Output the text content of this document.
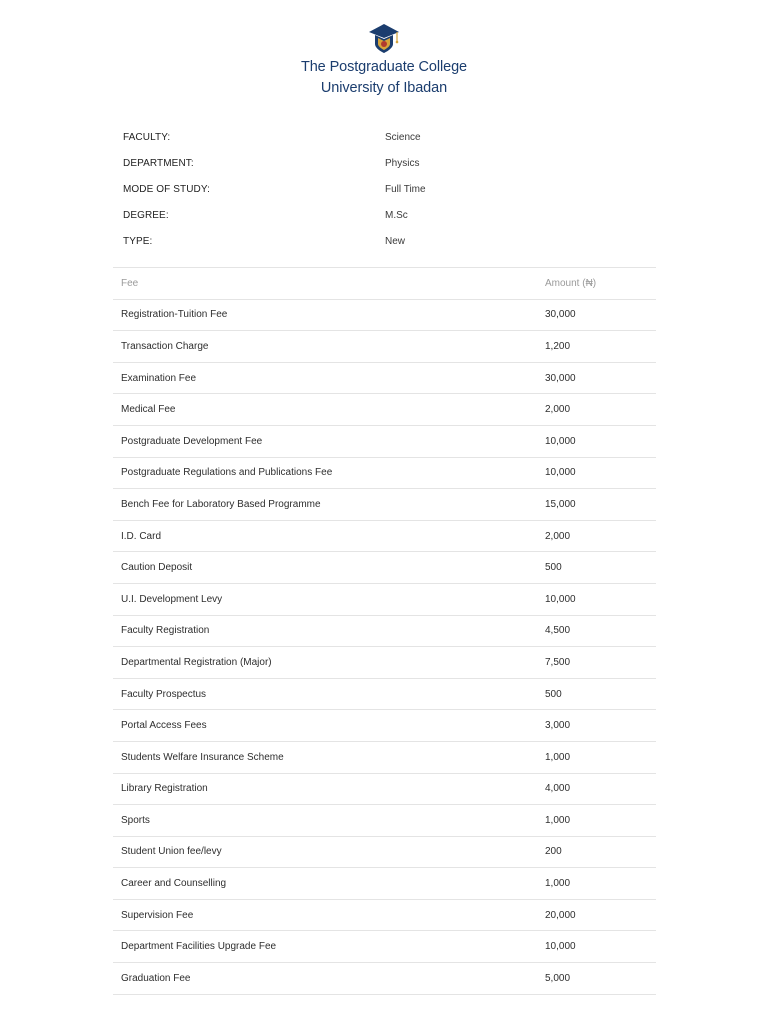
The Postgraduate College
University of Ibadan
FACULTY:	Science
DEPARTMENT:	Physics
MODE OF STUDY:	Full Time
DEGREE:	M.Sc
TYPE:	New
Fee	Amount (₦)
Registration-Tuition Fee	30,000
Transaction Charge	1,200
Examination Fee	30,000
Medical Fee	2,000
Postgraduate Development Fee	10,000
Postgraduate Regulations and Publications Fee	10,000
Bench Fee for Laboratory Based Programme	15,000
I.D. Card	2,000
Caution Deposit	500
U.I. Development Levy	10,000
Faculty Registration	4,500
Departmental Registration (Major)	7,500
Faculty Prospectus	500
Portal Access Fees	3,000
Students Welfare Insurance Scheme	1,000
Library Registration	4,000
Sports	1,000
Student Union fee/levy	200
Career and Counselling	1,000
Supervision Fee	20,000
Department Facilities Upgrade Fee	10,000
Graduation Fee	5,000
